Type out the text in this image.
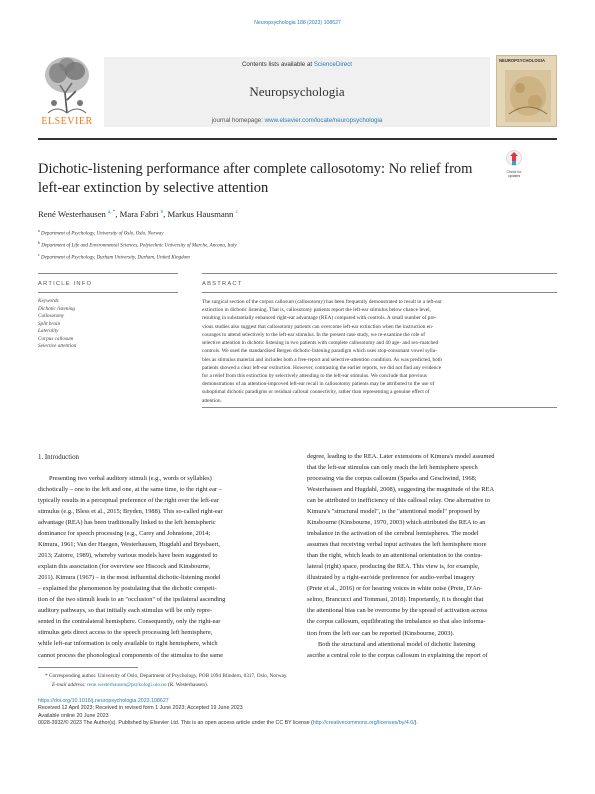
Neuropsychologia 188 (2023) 108627
ELSEVIER
Contents lists available at ScienceDirect
Neuropsychologia
journal homepage: www.elsevier.com/locate/neuropsychologia
NEUROPSYCHOLOGIA
Check for updates
Dichotic-listening performance after complete callosotomy: No relief from
left-ear extinction by selective attention
René Westerhausen $^{a, *}$, Mara Fabri $^b$, Markus Hausmann $^c$
$^a$ Department of Psychology, University of Oslo, Oslo, Norway
$^b$ Department of Life and Environmental Sciences, Polytechnic University of Marche, Ancona, Italy
$^c$ Department of Psychology, Durham University, Durham, United Kingdom
ARTICLE INFO	ABSTRACT
Keywords
Dichotic listening
Callosotomy
Split brain
Laterality
Corpus callosum
Selective attention
The surgical section of the corpus callosum (callosotomy) has been frequently demonstrated to result in a left-ear
extinction in dichotic listening. That is, callosotomy patients report the left-ear stimulus below chance level,
resulting in substantially enhanced right-ear advantage (REA) compared with controls. A small number of pre-
vious studies also suggest that callosotomy patients can overcome left-ear extinction when the instruction en-
courages to attend selectively to the left-ear stimulus. In the present case study, we re-examine the role of
selective attention in dichotic listening in two patients with complete callosotomy and 40 age- and sex-matched
controls. We used the standardised Bergen dichotic-listening paradigm which uses stop-consonant vowel sylla-
bles as stimulus material and includes both a free-report and selective-attention condition. As was predicted, both
patients showed a clear left-ear extinction. However, contrasting the earlier reports, we did not find any evidence
for a relief from this extinction by selectively attending to the left-ear stimulus. We conclude that previous
demonstrations of an attention-improved left-ear recall in callosotomy patients may be attributed to the use of
suboptimal dichotic paradigms or residual callosal connectivity, rather than representing a genuine effect of
attention.
1. Introduction
Presenting two verbal auditory stimuli (e.g., words or syllables)
dichotically – one to the left and one, at the same time, to the right ear –
typically results in a perceptual preference of the right over the left-ear
stimulus (e.g., Bless et al., 2015; Bryden, 1988). This so-called right-ear
advantage (REA) has been traditionally linked to the left hemispheric
dominance for speech processing (e.g., Carey and Johnstone, 2014;
Kimura, 1961; Van der Haegen, Westerhausen, Hugdahl and Brysbaert,
2013; Zatorre, 1989), whereby various models have been suggested to
explain this association (for overview see Hiscock and Kinsbourne,
2011). Kimura (1967) – in the most influential dichotic-listening model
– explained the phenomenon by postulating that the dichotic competi-
tion of the two stimuli leads to an "occlusion" of the ipsilateral ascending
auditory pathways, so that initially each stimulus will be only repre-
sented in the contralateral hemisphere. Consequently, only the right-ear
stimulus gets direct access to the speech processing left hemisphere,
while left-ear information is only available to right hemisphere, which
cannot process the phonological components of the stimulus to the same
degree, leading to the REA. Later extensions of Kimura's model assumed
that the left-ear stimulus can only reach the left hemisphere speech
processing via the corpus callosum (Sparks and Geschwind, 1968;
Westerhausen and Hugdahl, 2008), suggesting the magnitude of the REA
can be attributed to inefficiency of this callosal relay. One alternative to
Kimura's "structural model", is the "attentional model" proposed by
Kinsbourne (Kinsbourne, 1970, 2003) which attributed the REA to an
imbalance in the activation of the cerebral hemispheres. The model
assumes that receiving verbal input activates the left hemisphere more
than the right, which leads to an attentional orientation to the contra-
lateral (right) space, producing the REA. This view is, for example,
illustrated by a right-ear/side preference for audio-verbal imagery
(Prete et al., 2016) or for hearing voices in white noise (Prete, D'An-
selmo, Brancucci and Tommasi, 2018). Importantly, it is thought that
the attentional bias can be overcome by the spread of activation across
the corpus callosum, equilibrating the imbalance so that also informa-
tion from the left ear can be reported (Kinsbourne, 2003).
Both the structural and attentional model of dichotic listening
ascribe a central role to the corpus callosum in explaining the report of
* Corresponding author. University of Oslo, Department of Psychology, POB 1094 Blindern, 0317, Oslo, Norway.
E-mail address: rene.westerhausen@psykologi.uio.no (R. Westerhausen).
https://doi.org/10.1016/j.neuropsychologia.2023.108627
Received 12 April 2023; Received in revised form 1 June 2023; Accepted 19 June 2023
Available online 20 June 2023
0028-3932/© 2023 The Author(s). Published by Elsevier Ltd. This is an open access article under the CC BY license (http://creativecommons.org/licenses/by/4.0/).
